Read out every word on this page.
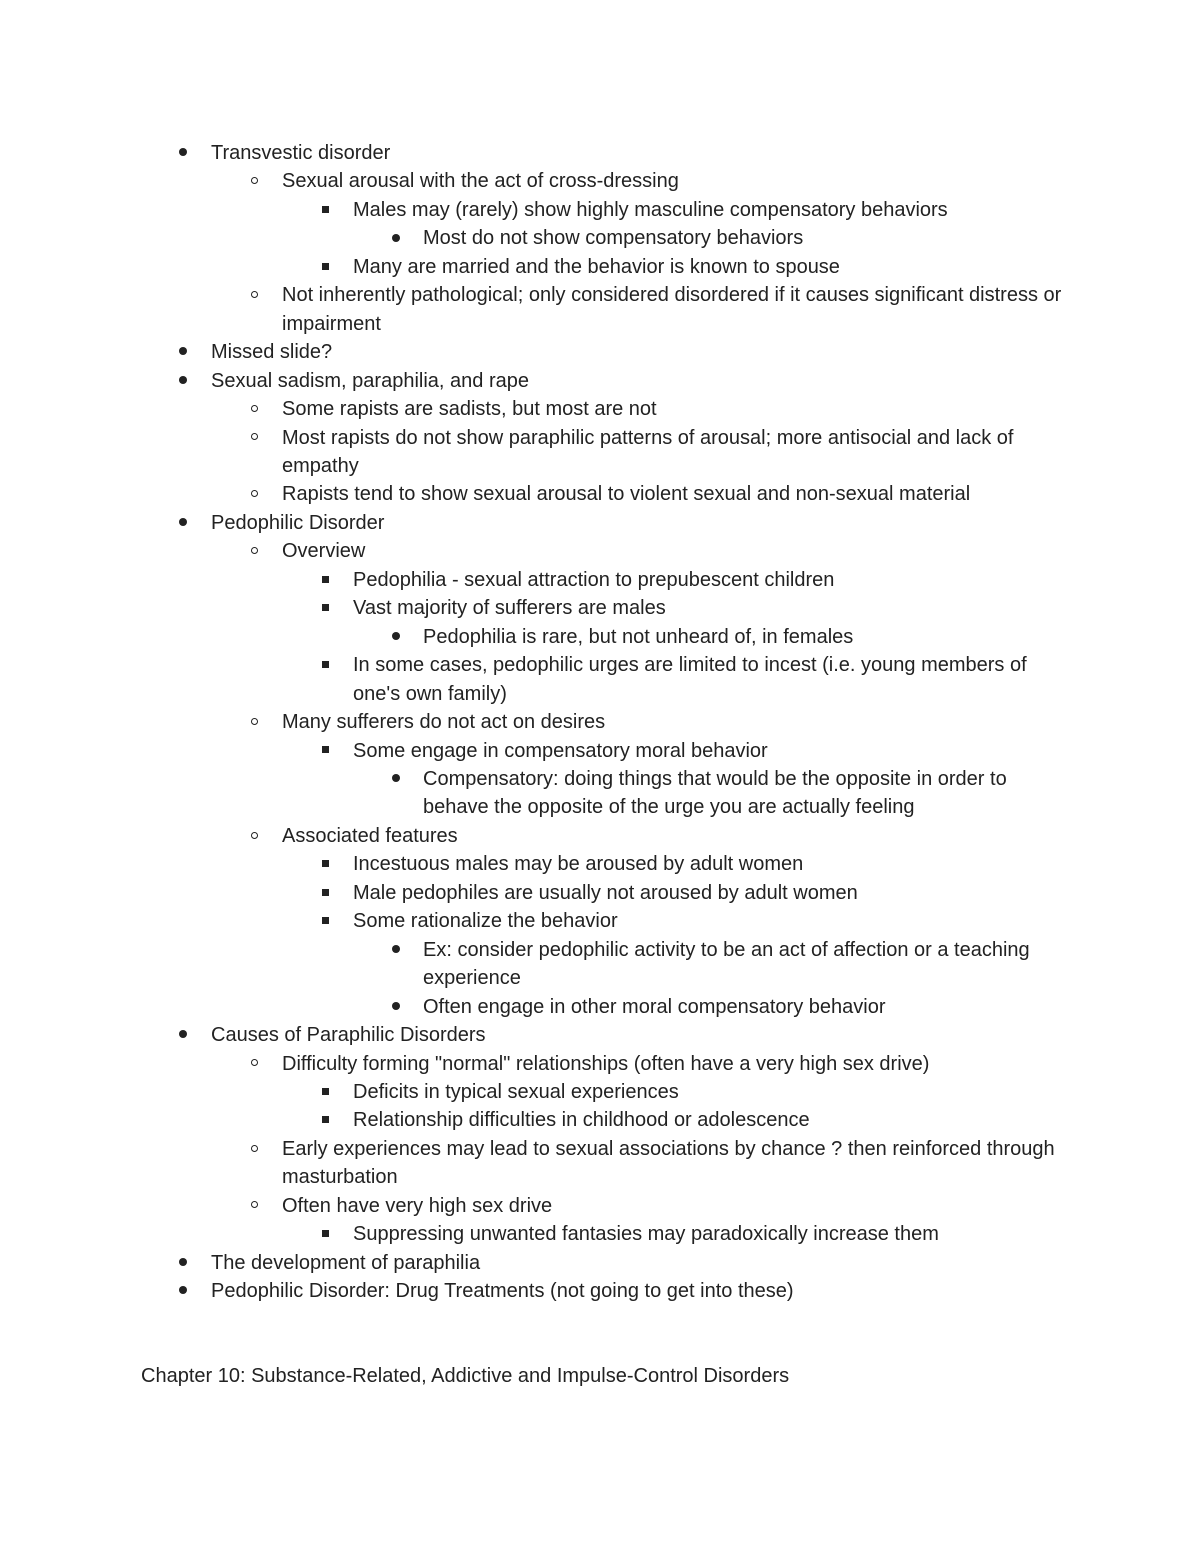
Transvestic disorder
Sexual arousal with the act of cross-dressing
Males may (rarely) show highly masculine compensatory behaviors
Most do not show compensatory behaviors
Many are married and the behavior is known to spouse
Not inherently pathological; only considered disordered if it causes significant distress or impairment
Missed slide?
Sexual sadism, paraphilia, and rape
Some rapists are sadists, but most are not
Most rapists do not show paraphilic patterns of arousal; more antisocial and lack of empathy
Rapists tend to show sexual arousal to violent sexual and non-sexual material
Pedophilic Disorder
Overview
Pedophilia - sexual attraction to prepubescent children
Vast majority of sufferers are males
Pedophilia is rare, but not unheard of, in females
In some cases, pedophilic urges are limited to incest (i.e. young members of one's own family)
Many sufferers do not act on desires
Some engage in compensatory moral behavior
Compensatory: doing things that would be the opposite in order to behave the opposite of the urge you are actually feeling
Associated features
Incestuous males may be aroused by adult women
Male pedophiles are usually not aroused by adult women
Some rationalize the behavior
Ex: consider pedophilic activity to be an act of affection or a teaching experience
Often engage in other moral compensatory behavior
Causes of Paraphilic Disorders
Difficulty forming "normal" relationships (often have a very high sex drive)
Deficits in typical sexual experiences
Relationship difficulties in childhood or adolescence
Early experiences may lead to sexual associations by chance ? then reinforced through masturbation
Often have very high sex drive
Suppressing unwanted fantasies may paradoxically increase them
The development of paraphilia
Pedophilic Disorder: Drug Treatments (not going to get into these)
Chapter 10: Substance-Related, Addictive and Impulse-Control Disorders
